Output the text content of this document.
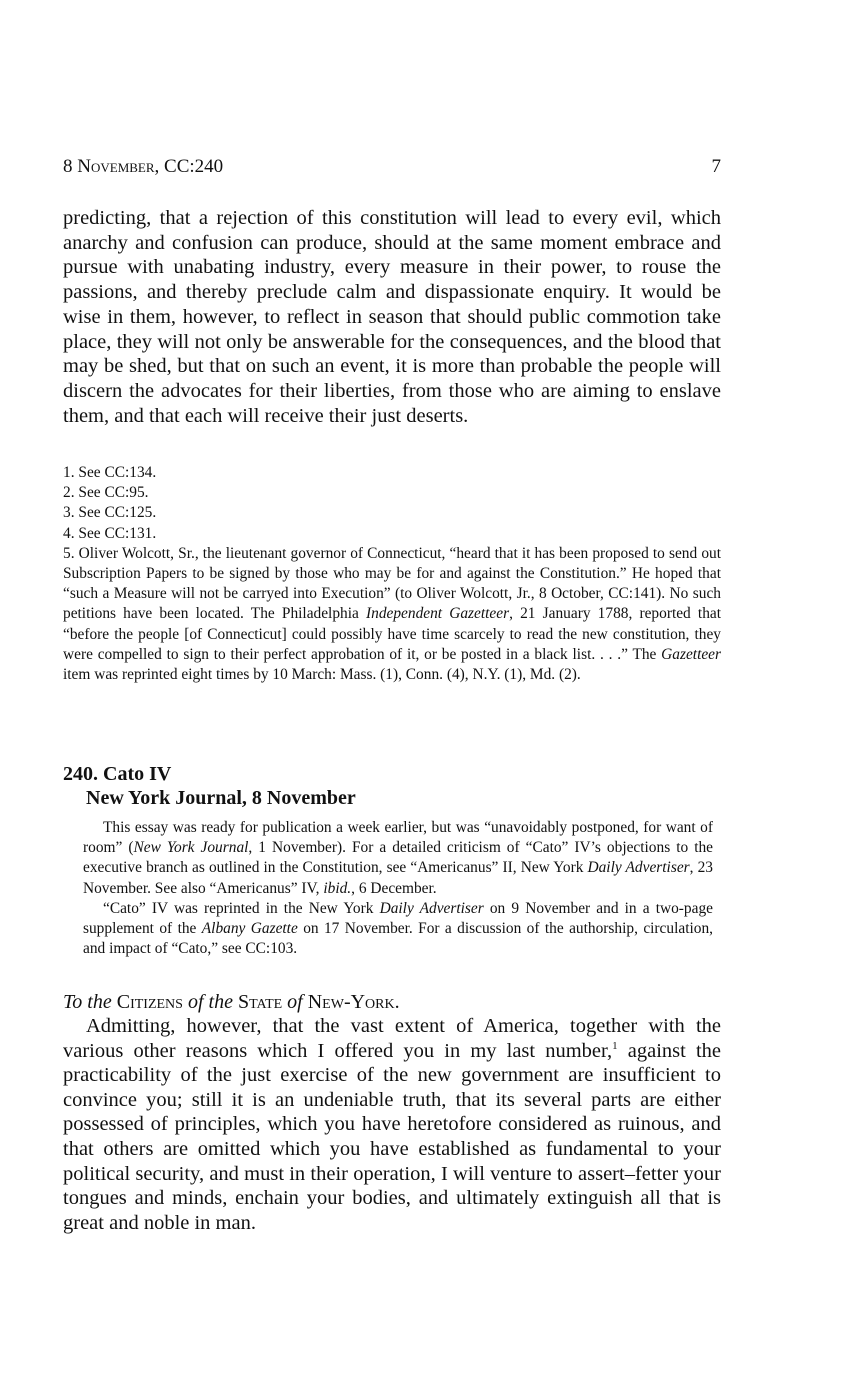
8 November, CC:240	7

predicting, that a rejection of this constitution will lead to every evil, which anarchy and confusion can produce, should at the same moment embrace and pursue with unabating industry, every measure in their power, to rouse the passions, and thereby preclude calm and dispassionate enquiry. It would be wise in them, however, to reflect in season that should public commotion take place, they will not only be answerable for the consequences, and the blood that may be shed, but that on such an event, it is more than probable the people will discern the advocates for their liberties, from those who are aiming to enslave them, and that each will receive their just deserts.

1. See CC:134.
2. See CC:95.
3. See CC:125.
4. See CC:131.
5. Oliver Wolcott, Sr., the lieutenant governor of Connecticut, “heard that it has been proposed to send out Subscription Papers to be signed by those who may be for and against the Constitution.” He hoped that “such a Measure will not be carryed into Execution” (to Oliver Wolcott, Jr., 8 October, CC:141). No such petitions have been located. The Philadelphia Independent Gazetteer, 21 January 1788, reported that “before the people [of Connecticut] could possibly have time scarcely to read the new constitution, they were compelled to sign to their perfect approbation of it, or be posted in a black list. . . .” The Gazetteer item was reprinted eight times by 10 March: Mass. (1), Conn. (4), N.Y. (1), Md. (2).
240. Cato IV
New York Journal, 8 November

This essay was ready for publication a week earlier, but was “unavoidably postponed, for want of room” (New York Journal, 1 November). For a detailed criticism of “Cato” IV’s objections to the executive branch as outlined in the Constitution, see “Americanus” II, New York Daily Advertiser, 23 November. See also “Americanus” IV, ibid., 6 December.

“Cato” IV was reprinted in the New York Daily Advertiser on 9 November and in a two-page supplement of the Albany Gazette on 17 November. For a discussion of the authorship, circulation, and impact of “Cato,” see CC:103.

To the Citizens of the State of New-York.

Admitting, however, that the vast extent of America, together with the various other reasons which I offered you in my last number,$^1$ against the practicability of the just exercise of the new government are insufficient to convince you; still it is an undeniable truth, that its several parts are either possessed of principles, which you have heretofore considered as ruinous, and that others are omitted which you have established as fundamental to your political security, and must in their operation, I will venture to assert–fetter your tongues and minds, enchain your bodies, and ultimately extinguish all that is great and noble in man.
